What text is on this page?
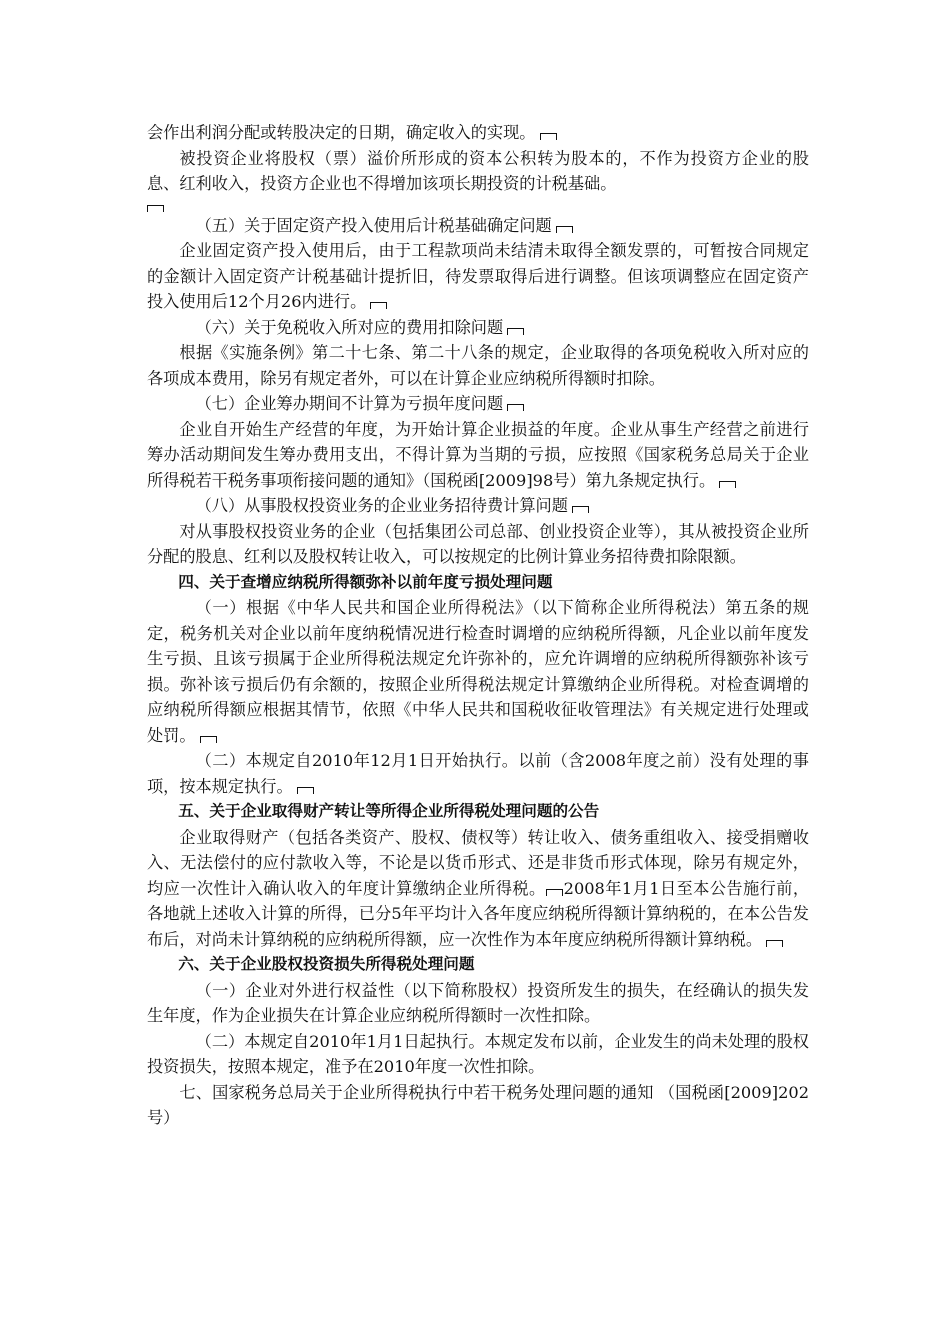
会作出利润分配或转股决定的日期，确定收入的实现。

被投资企业将股权（票）溢价所形成的资本公积转为股本的，不作为投资方企业的股息、红利收入，投资方企业也不得增加该项长期投资的计税基础。

（五）关于固定资产投入使用后计税基础确定问题

企业固定资产投入使用后，由于工程款项尚未结清未取得全额发票的，可暂按合同规定的金额计入固定资产计税基础计提折旧，待发票取得后进行调整。但该项调整应在固定资产投入使用后12个月26内进行。

（六）关于免税收入所对应的费用扣除问题

根据《实施条例》第二十七条、第二十八条的规定，企业取得的各项免税收入所对应的各项成本费用，除另有规定者外，可以在计算企业应纳税所得额时扣除。

（七）企业筹办期间不计算为亏损年度问题

企业自开始生产经营的年度，为开始计算企业损益的年度。企业从事生产经营之前进行筹办活动期间发生筹办费用支出，不得计算为当期的亏损，应按照《国家税务总局关于企业所得税若干税务事项衔接问题的通知》（国税函[2009]98号）第九条规定执行。

（八）从事股权投资业务的企业业务招待费计算问题

对从事股权投资业务的企业（包括集团公司总部、创业投资企业等），其从被投资企业所分配的股息、红利以及股权转让收入，可以按规定的比例计算业务招待费扣除限额。

四、关于查增应纳税所得额弥补以前年度亏损处理问题

（一）根据《中华人民共和国企业所得税法》（以下简称企业所得税法）第五条的规定，税务机关对企业以前年度纳税情况进行检查时调增的应纳税所得额，凡企业以前年度发生亏损、且该亏损属于企业所得税法规定允许弥补的，应允许调增的应纳税所得额弥补该亏损。弥补该亏损后仍有余额的，按照企业所得税法规定计算缴纳企业所得税。对检查调增的应纳税所得额应根据其情节，依照《中华人民共和国税收征收管理法》有关规定进行处理或处罚。

（二）本规定自2010年12月1日开始执行。以前（含2008年度之前）没有处理的事项，按本规定执行。

五、关于企业取得财产转让等所得企业所得税处理问题的公告

企业取得财产（包括各类资产、股权、债权等）转让收入、债务重组收入、接受捐赠收入、无法偿付的应付款收入等，不论是以货币形式、还是非货币形式体现，除另有规定外，均应一次性计入确认收入的年度计算缴纳企业所得税。 2008年1月1日至本公告施行前，各地就上述收入计算的所得，已分5年平均计入各年度应纳税所得额计算纳税的，在本公告发布后，对尚未计算纳税的应纳税所得额，应一次性作为本年度应纳税所得额计算纳税。

六、关于企业股权投资损失所得税处理问题

（一）企业对外进行权益性（以下简称股权）投资所发生的损失，在经确认的损失发生年度，作为企业损失在计算企业应纳税所得额时一次性扣除。

（二）本规定自2010年1月1日起执行。本规定发布以前，企业发生的尚未处理的股权投资损失，按照本规定，准予在2010年度一次性扣除。

七、国家税务总局关于企业所得税执行中若干税务处理问题的通知 （国税函[2009]202号）
